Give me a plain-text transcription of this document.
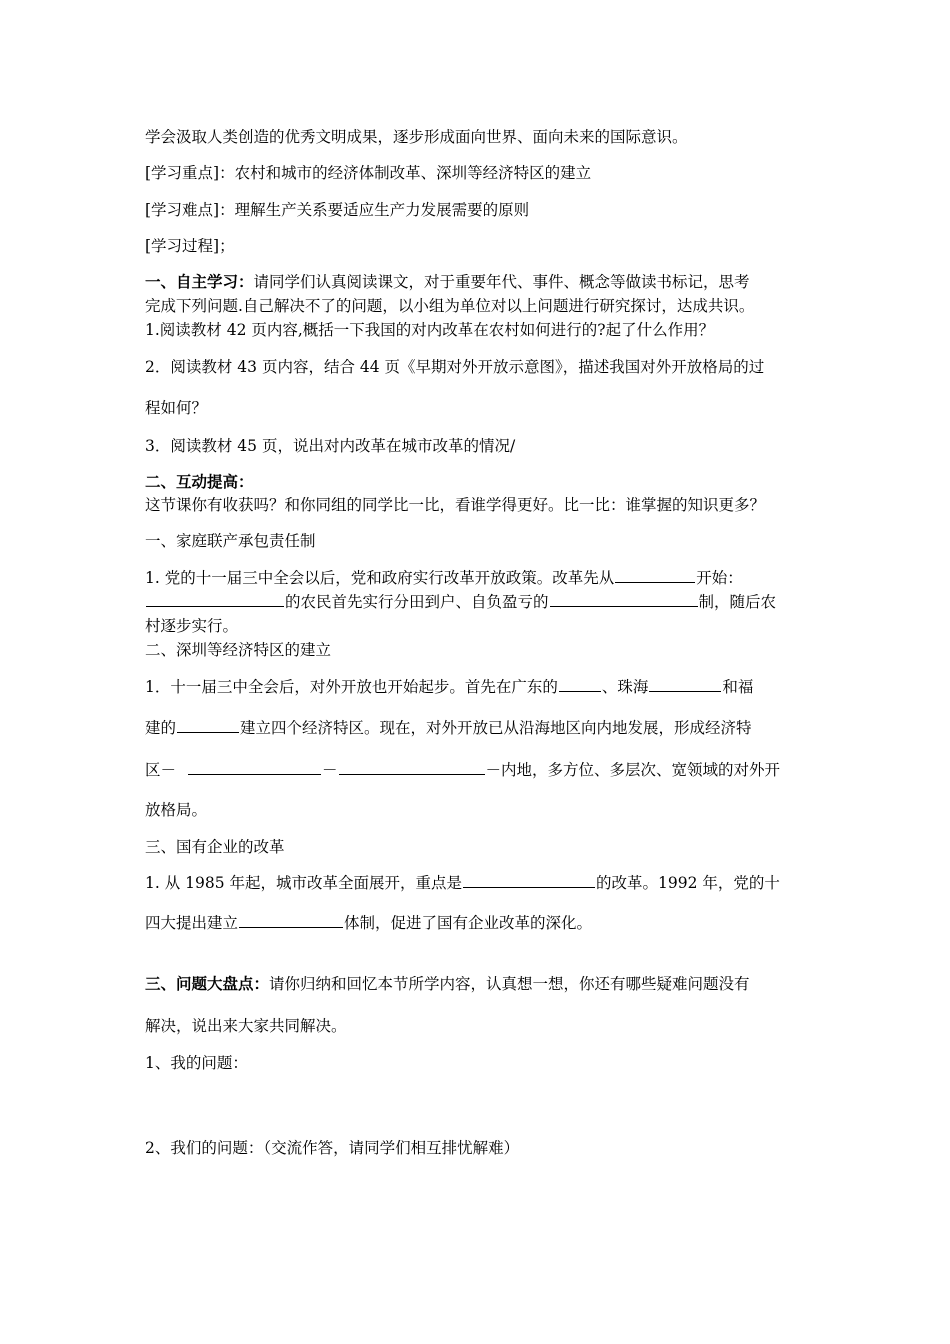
学会汲取人类创造的优秀文明成果，逐步形成面向世界、面向未来的国际意识。
[学习重点]：农村和城市的经济体制改革、深圳等经济特区的建立
[学习难点]：理解生产关系要适应生产力发展需要的原则
[学习过程]；
一、自主学习：请同学们认真阅读课文，对于重要年代、事件、概念等做读书标记，思考
完成下列问题.自己解决不了的问题，以小组为单位对以上问题进行研究探讨，达成共识。
1.阅读教材 42 页内容,概括一下我国的对内改革在农村如何进行的?起了什么作用？
2．阅读教材 43 页内容，结合 44 页《早期对外开放示意图》，描述我国对外开放格局的过
程如何？
3．阅读教材 45 页，说出对内改革在城市改革的情况/
二、互动提高：
这节课你有收获吗？和你同组的同学比一比，看谁学得更好。比一比：谁掌握的知识更多？
一、家庭联产承包责任制
1. 党的十一届三中全会以后，党和政府实行改革开放政策。改革先从	开始：
的农民首先实行分田到户、自负盈亏的	制，随后农
村逐步实行。
二、深圳等经济特区的建立
1．十一届三中全会后，对外开放也开始起步。首先在广东的	、珠海	和福
建的	建立四个经济特区。现在，对外开放已从沿海地区向内地发展，形成经济特
区－	－	－内地，多方位、多层次、宽领域的对外开
放格局。
三、国有企业的改革
1. 从 1985 年起，城市改革全面展开，重点是	的改革。1992 年，党的十
四大提出建立	体制，促进了国有企业改革的深化。
三、问题大盘点：请你归纳和回忆本节所学内容，认真想一想，你还有哪些疑难问题没有
解决，说出来大家共同解决。
1、我的问题：
2、我们的问题：（交流作答，请同学们相互排忧解难）
